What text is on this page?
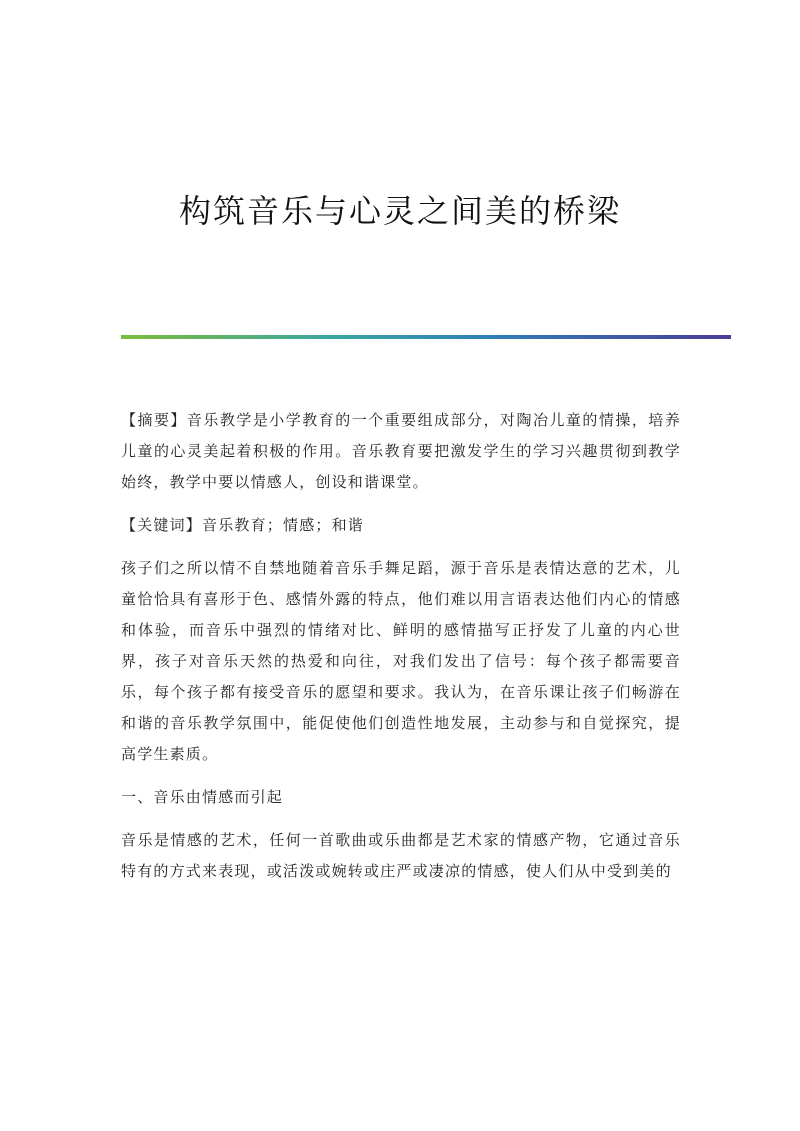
构筑音乐与心灵之间美的桥梁

【摘要】音乐教学是小学教育的一个重要组成部分，对陶冶儿童的情操，培养儿童的心灵美起着积极的作用。音乐教育要把激发学生的学习兴趣贯彻到教学始终，教学中要以情感人，创设和谐课堂。

【关键词】音乐教育；情感；和谐

孩子们之所以情不自禁地随着音乐手舞足蹈，源于音乐是表情达意的艺术，儿童恰恰具有喜形于色、感情外露的特点，他们难以用言语表达他们内心的情感和体验，而音乐中强烈的情绪对比、鲜明的感情描写正抒发了儿童的内心世界，孩子对音乐天然的热爱和向往，对我们发出了信号：每个孩子都需要音乐，每个孩子都有接受音乐的愿望和要求。我认为，在音乐课让孩子们畅游在和谐的音乐教学氛围中，能促使他们创造性地发展，主动参与和自觉探究，提高学生素质。

一、音乐由情感而引起

音乐是情感的艺术，任何一首歌曲或乐曲都是艺术家的情感产物，它通过音乐特有的方式来表现，或活泼或婉转或庄严或凄凉的情感，使人们从中受到美的
